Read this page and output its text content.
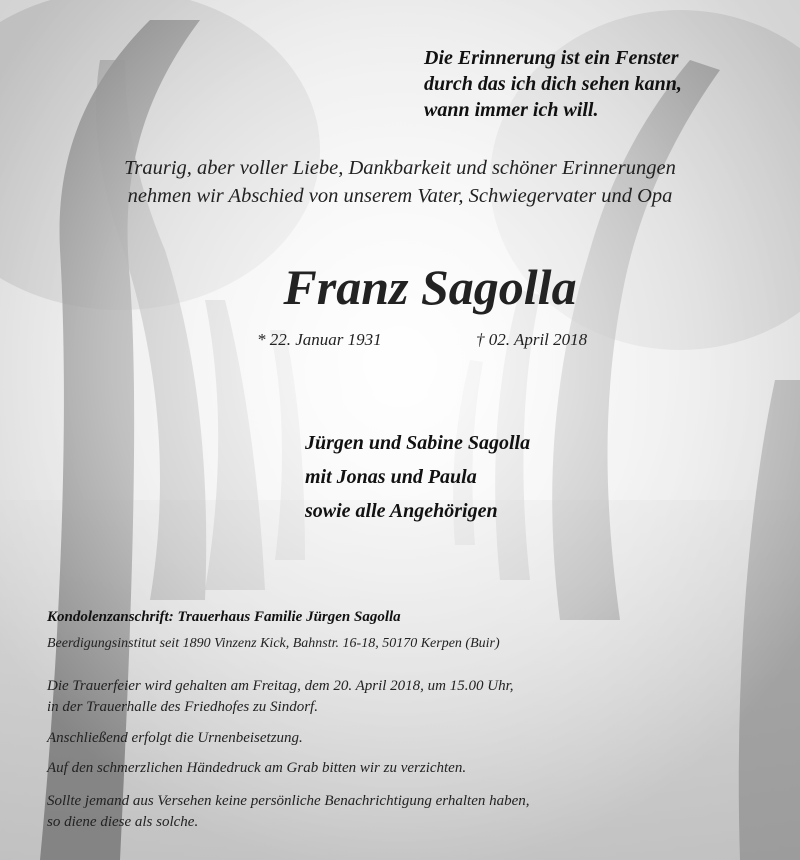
Die Erinnerung ist ein Fenster
durch das ich dich sehen kann,
wann immer ich will.
Traurig, aber voller Liebe, Dankbarkeit und schöner Erinnerungen
nehmen wir Abschied von unserem Vater, Schwiegervater und Opa
Franz Sagolla
* 22. Januar 1931	† 02. April 2018
Jürgen und Sabine Sagolla
mit Jonas und Paula
sowie alle Angehörigen
Kondolenzanschrift: Trauerhaus Familie Jürgen Sagolla
Beerdigungsinstitut seit 1890 Vinzenz Kick, Bahnstr. 16-18, 50170 Kerpen (Buir)
Die Trauerfeier wird gehalten am Freitag, dem 20. April 2018, um 15.00 Uhr,
in der Trauerhalle des Friedhofes zu Sindorf.
Anschließend erfolgt die Urnenbeisetzung.
Auf den schmerzlichen Händedruck am Grab bitten wir zu verzichten.
Sollte jemand aus Versehen keine persönliche Benachrichtigung erhalten haben,
so diene diese als solche.
